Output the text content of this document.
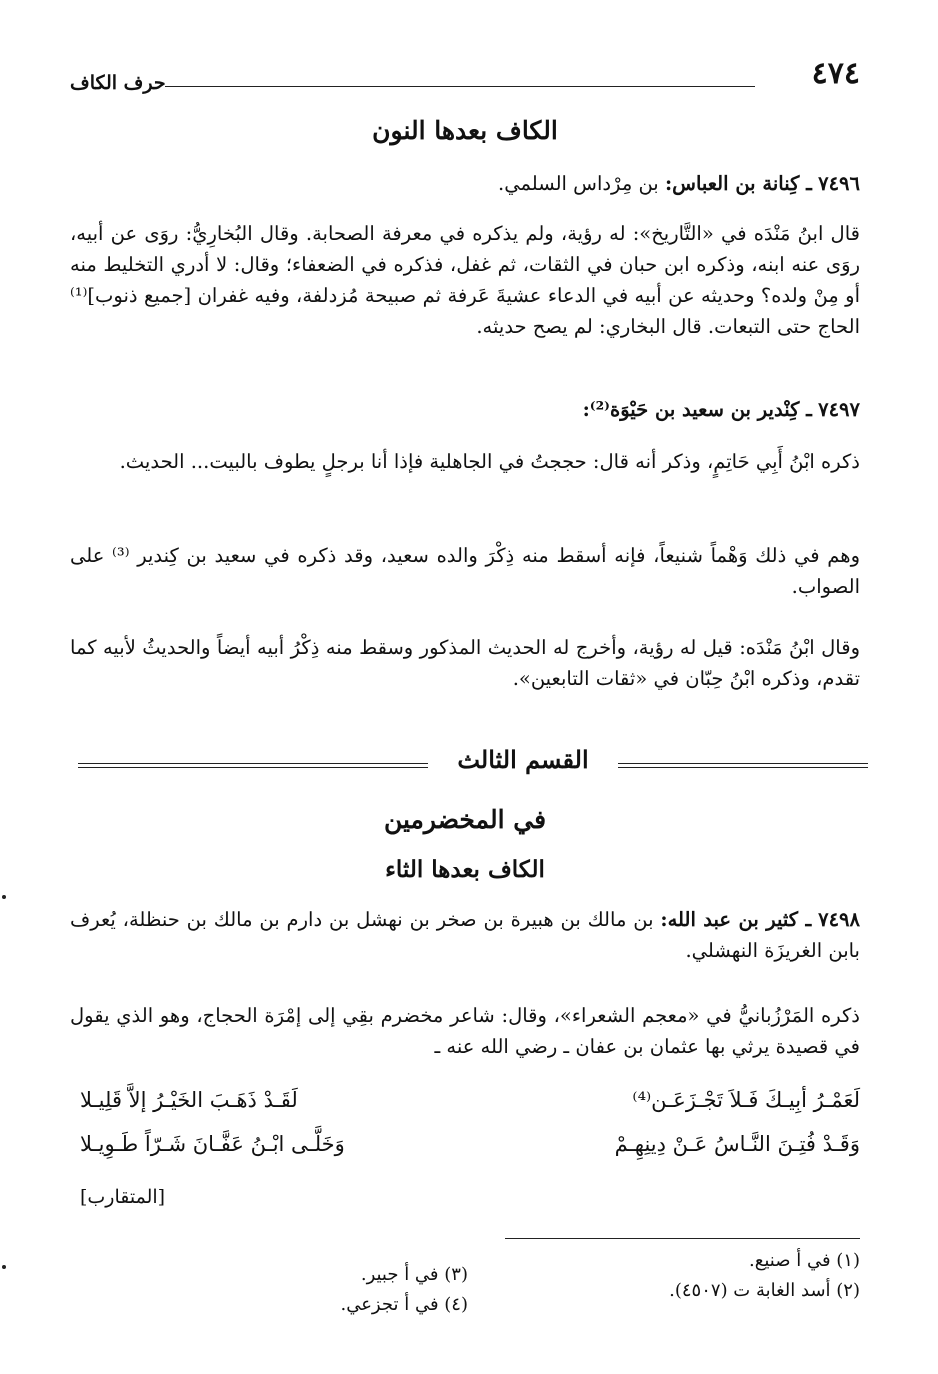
٤٧٤
حرف الكاف
الكاف بعدها النون

٧٤٩٦ ـ كِنانة بن العباس: بن مِرْداس السلمي.

قال ابنُ مَنْدَه في «التَّاريخ»: له رؤية، ولم يذكره في معرفة الصحابة. وقال البُخارِيُّ: روَى عن أبيه، روَى عنه ابنه، وذكره ابن حبان في الثقات، ثم غفل، فذكره في الضعفاء؛ وقال: لا أدري التخليط منه أو مِنْ ولده؟ وحديثه عن أبيه في الدعاء عشيةَ عَرفة ثم صبيحة مُزدلفة، وفيه غفران [جميع ذنوب]⁽¹⁾ الحاج حتى التبعات. قال البخاري: لم يصح حديثه.

٧٤٩٧ ـ كِنْدير بن سعيد بن حَيْوَة⁽²⁾:

ذكره ابْنُ أَبِي حَاتِمٍ، وذكر أنه قال: حججتُ في الجاهلية فإذا أنا برجلٍ يطوف بالبيت... الحديث.

وهم في ذلك وَهْماً شنيعاً، فإنه أسقط منه ذِكْرَ والده سعيد، وقد ذكره في سعيد بن كِندير ⁽³⁾ على الصواب.

وقال ابْنُ مَنْدَه: قيل له رؤية، وأخرج له الحديث المذكور وسقط منه ذِكْرُ أبيه أيضاً والحديثُ لأبيه كما تقدم، وذكره ابْنُ حِبّان في «ثقات التابعين».

القسم الثالث
في المخضرمين
الكاف بعدها الثاء

٧٤٩٨ ـ كثير بن عبد الله: بن مالك بن هبيرة بن صخر بن نهشل بن دارم بن مالك بن حنظلة، يُعرف بابن الغريزَة النهشلي.

ذكره المَرْزُبانيُّ في «معجم الشعراء»، وقال: شاعر مخضرم بقِي إلى إمْرَة الحجاج، وهو الذي يقول في قصيدة يرثي بها عثمان بن عفان ـ رضي الله عنه ـ

لَعَمْـرُ أبِيـكَ فَـلاَ تَجْـزَعَـن⁽⁴⁾
لَقَـدْ ذَهَـبَ الخَيْـرُ إلاَّ قَلِيـلا
وَقَـدْ فُتِـنَ النَّـاسُ عَـنْ دِينِهِـمْ
وَخَلَّـى ابْـنُ عَفَّـانَ شَـرّاً طَـوِيـلا
[المتقارب]
(١) في أ صنيع.
(٢) أسد الغابة ت (٤٥٠٧).
(٣) في أ جبير.
(٤) في أ تجزعي.
